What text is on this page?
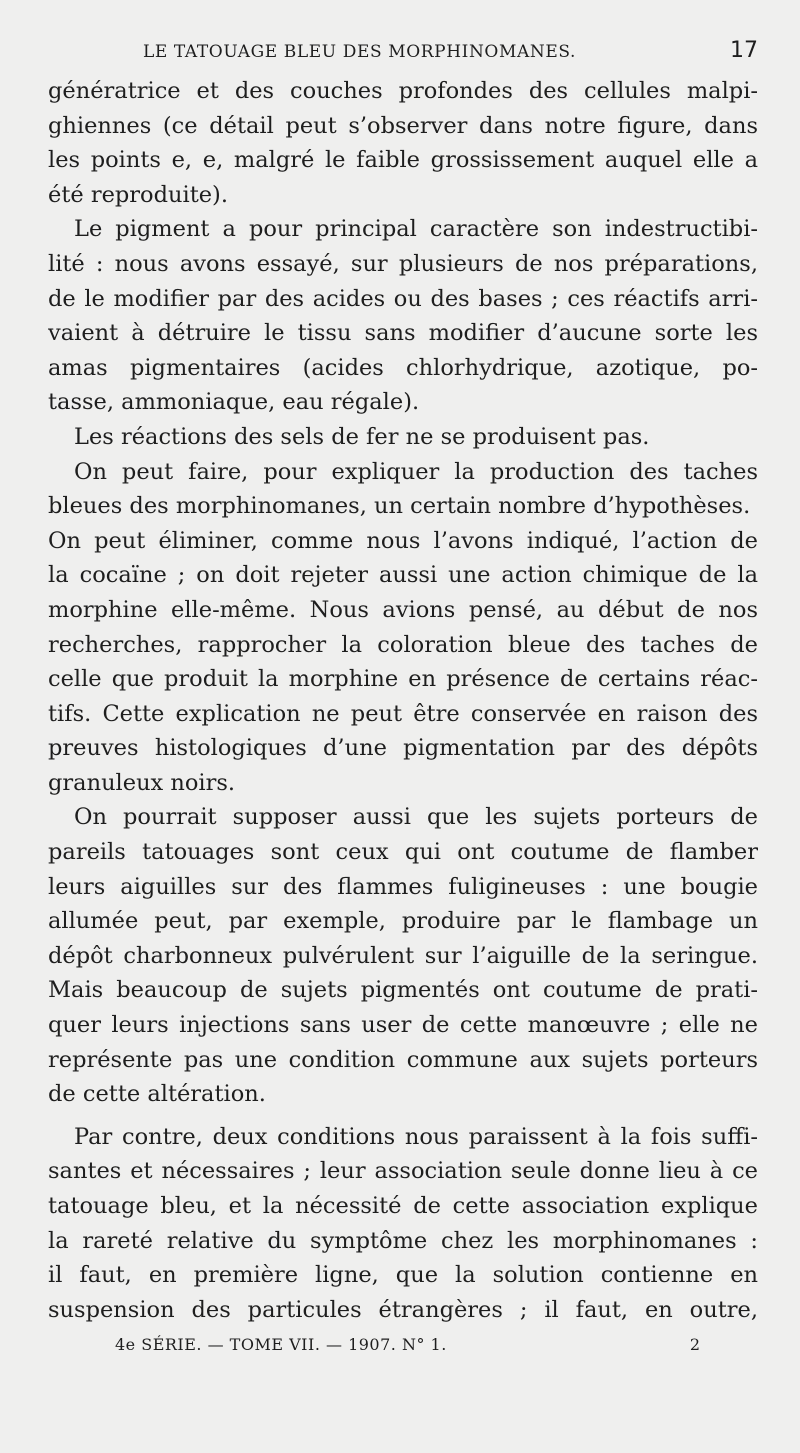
LE TATOUAGE BLEU DES MORPHINOMANES.	17
génératrice et des couches profondes des cellules malpi-
ghiennes (ce détail peut s’observer dans notre figure, dans
les points e, e, malgré le faible grossissement auquel elle a
été reproduite).
Le pigment a pour principal caractère son indestructibi-
lité : nous avons essayé, sur plusieurs de nos préparations,
de le modifier par des acides ou des bases ; ces réactifs arri-
vaient à détruire le tissu sans modifier d’aucune sorte les
amas pigmentaires (acides chlorhydrique, azotique, po-
tasse, ammoniaque, eau régale).
Les réactions des sels de fer ne se produisent pas.
On peut faire, pour expliquer la production des taches
bleues des morphinomanes, un certain nombre d’hypothèses.
On peut éliminer, comme nous l’avons indiqué, l’action de
la cocaïne ; on doit rejeter aussi une action chimique de la
morphine elle-même. Nous avions pensé, au début de nos
recherches, rapprocher la coloration bleue des taches de
celle que produit la morphine en présence de certains réac-
tifs. Cette explication ne peut être conservée en raison des
preuves histologiques d’une pigmentation par des dépôts
granuleux noirs.
On pourrait supposer aussi que les sujets porteurs de
pareils tatouages sont ceux qui ont coutume de flamber
leurs aiguilles sur des flammes fuligineuses : une bougie
allumée peut, par exemple, produire par le flambage un
dépôt charbonneux pulvérulent sur l’aiguille de la seringue.
Mais beaucoup de sujets pigmentés ont coutume de prati-
quer leurs injections sans user de cette manœuvre ; elle ne
représente pas une condition commune aux sujets porteurs
de cette altération.
Par contre, deux conditions nous paraissent à la fois suffi-
santes et nécessaires ; leur association seule donne lieu à ce
tatouage bleu, et la nécessité de cette association explique
la rareté relative du symptôme chez les morphinomanes :
il faut, en première ligne, que la solution contienne en
suspension des particules étrangères ; il faut, en outre,
4e SÉRIE. — TOME VII. — 1907. N° 1.	2
